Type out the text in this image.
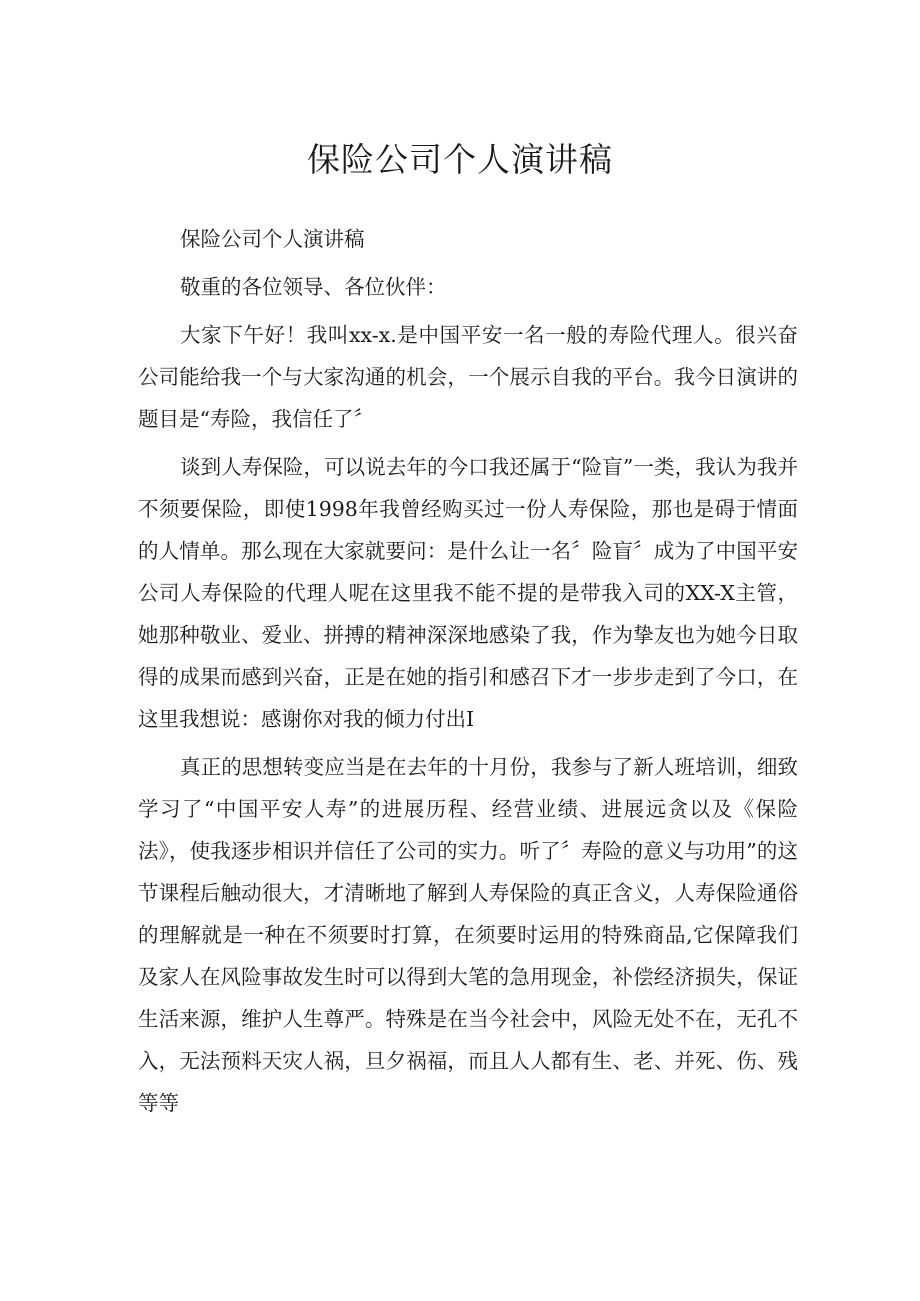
保险公司个人演讲稿

保险公司个人演讲稿

敬重的各位领导、各位伙伴：

大家下午好！我叫xx-x.是中国平安一名一般的寿险代理人。很兴奋公司能给我一个与大家沟通的机会，一个展示自我的平台。我今日演讲的题目是“寿险，我信任了〞

谈到人寿保险，可以说去年的今口我还属于“险盲”一类，我认为我并不须要保险，即使1998年我曾经购买过一份人寿保险，那也是碍于情面的人情单。那么现在大家就要问：是什么让一名〞险盲〞成为了中国平安公司人寿保险的代理人呢在这里我不能不提的是带我入司的XX-X主管，她那种敬业、爱业、拼搏的精神深深地感染了我，作为挚友也为她今日取得的成果而感到兴奋，正是在她的指引和感召下才一步步走到了今口，在这里我想说：感谢你对我的倾力付出I

真正的思想转变应当是在去年的十月份，我参与了新人班培训，细致学习了“中国平安人寿”的进展历程、经营业绩、进展远贪以及《保险法》，使我逐步相识并信任了公司的实力。听了〞寿险的意义与功用”的这节课程后触动很大，才清晰地了解到人寿保险的真正含义，人寿保险通俗的理解就是一种在不须要时打算，在须要时运用的特殊商品,它保障我们及家人在风险事故发生时可以得到大笔的急用现金，补偿经济损失，保证生活来源，维护人生尊严。特殊是在当今社会中，风险无处不在，无孔不入，无法预料天灾人祸，旦夕祸福，而且人人都有生、老、并死、伤、残等等
